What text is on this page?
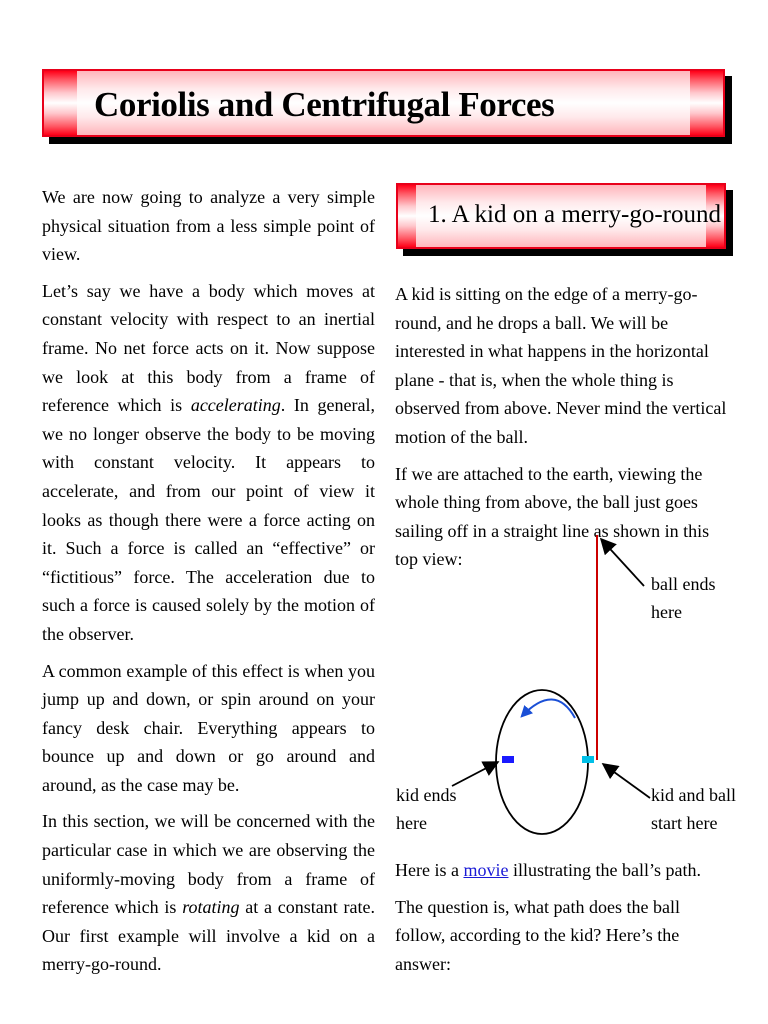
Coriolis and Centrifugal Forces

We are now going to analyze a very simple physical situation from a less simple point of view.

Let’s say we have a body which moves at constant velocity with respect to an inertial frame. No net force acts on it. Now suppose we look at this body from a frame of reference which is accelerating. In general, we no longer observe the body to be moving with constant velocity. It appears to accelerate, and from our point of view it looks as though there were a force acting on it. Such a force is called an “effective” or “fictitious” force. The acceleration due to such a force is caused solely by the motion of the observer.

A common example of this effect is when you jump up and down, or spin around on your fancy desk chair. Everything appears to bounce up and down or go around and around, as the case may be.

In this section, we will be concerned with the particular case in which we are observing the uniformly-moving body from a frame of reference which is rotating at a constant rate. Our first example will involve a kid on a merry-go-round.

1. A kid on a merry-go-round

A kid is sitting on the edge of a merry-go-round, and he drops a ball. We will be interested in what happens in the horizontal plane - that is, when the whole thing is observed from above. Never mind the vertical motion of the ball.

If we are attached to the earth, viewing the whole thing from above, the ball just goes sailing off in a straight line as shown in this top view:

ball ends
here
kid ends
here
kid and ball
start here

Here is a movie illustrating the ball’s path.

The question is, what path does the ball follow, according to the kid? Here’s the answer:
